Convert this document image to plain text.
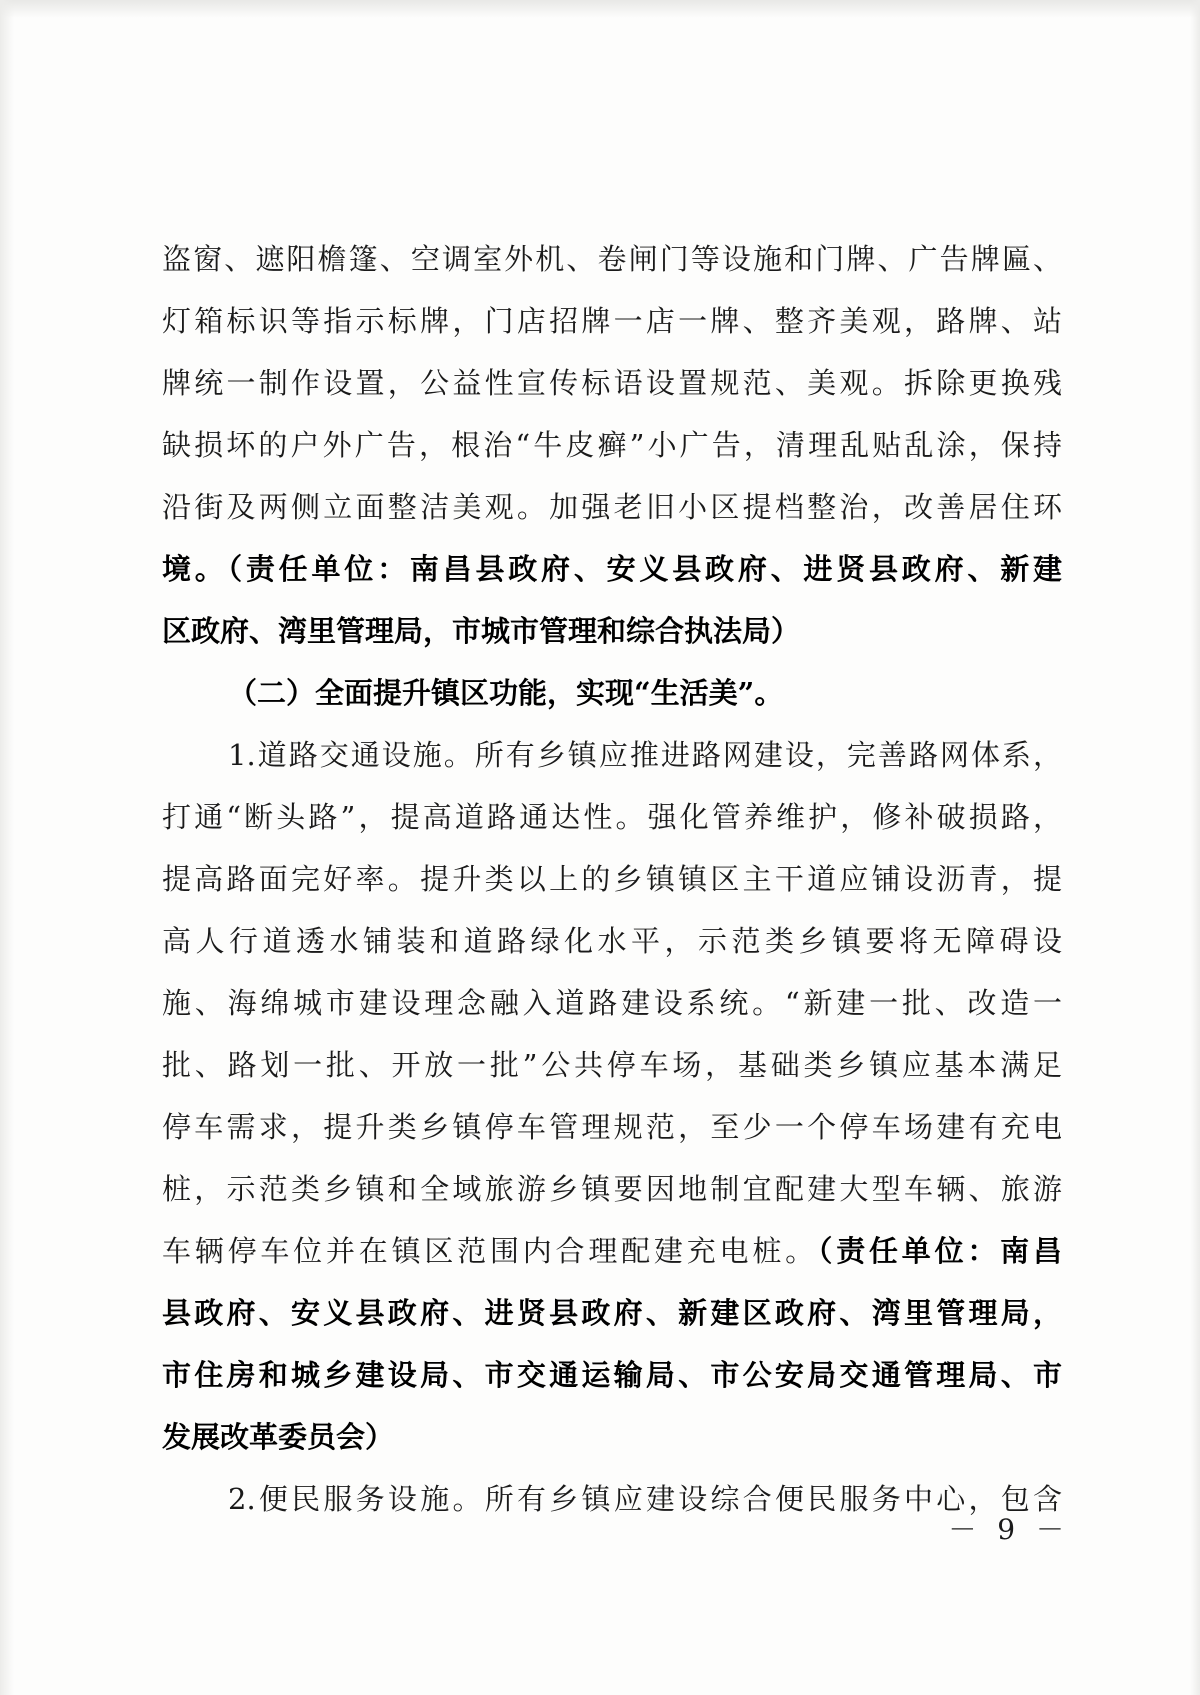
盗窗、遮阳檐篷、空调室外机、卷闸门等设施和门牌、广告牌匾、
灯箱标识等指示标牌，门店招牌一店一牌、整齐美观，路牌、站
牌统一制作设置，公益性宣传标语设置规范、美观。拆除更换残
缺损坏的户外广告，根治“牛皮癣”小广告，清理乱贴乱涂，保持
沿街及两侧立面整洁美观。加强老旧小区提档整治，改善居住环
境。（责任单位：南昌县政府、安义县政府、进贤县政府、新建
区政府、湾里管理局，市城市管理和综合执法局）
（二）全面提升镇区功能，实现“生活美”。
1.道路交通设施。所有乡镇应推进路网建设，完善路网体系，
打通“断头路”，提高道路通达性。强化管养维护，修补破损路，
提高路面完好率。提升类以上的乡镇镇区主干道应铺设沥青，提
高人行道透水铺装和道路绿化水平，示范类乡镇要将无障碍设
施、海绵城市建设理念融入道路建设系统。“新建一批、改造一
批、路划一批、开放一批”公共停车场，基础类乡镇应基本满足
停车需求，提升类乡镇停车管理规范，至少一个停车场建有充电
桩，示范类乡镇和全域旅游乡镇要因地制宜配建大型车辆、旅游
车辆停车位并在镇区范围内合理配建充电桩。（责任单位：南昌
县政府、安义县政府、进贤县政府、新建区政府、湾里管理局，
市住房和城乡建设局、市交通运输局、市公安局交通管理局、市
发展改革委员会）
2.便民服务设施。所有乡镇应建设综合便民服务中心，包含
－ 9 －
